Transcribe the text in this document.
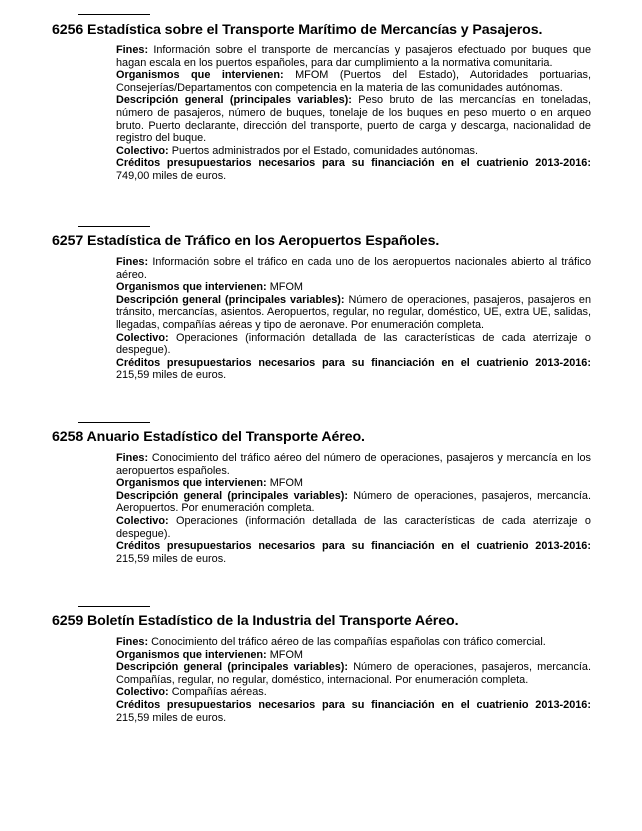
6256 Estadística sobre el Transporte Marítimo de Mercancías y Pasajeros.

Fines: Información sobre el transporte de mercancías y pasajeros efectuado por buques que hagan escala en los puertos españoles, para dar cumplimiento a la normativa comunitaria.

Organismos que intervienen: MFOM (Puertos del Estado), Autoridades portuarias, Consejerías/Departamentos con competencia en la materia de las comunidades autónomas.

Descripción general (principales variables): Peso bruto de las mercancías en toneladas, número de pasajeros, número de buques, tonelaje de los buques en peso muerto o en arqueo bruto. Puerto declarante, dirección del transporte, puerto de carga y descarga, nacionalidad de registro del buque.

Colectivo: Puertos administrados por el Estado, comunidades autónomas.

Créditos presupuestarios necesarios para su financiación en el cuatrienio 2013-2016: 749,00 miles de euros.

6257 Estadística de Tráfico en los Aeropuertos Españoles.

Fines: Información sobre el tráfico en cada uno de los aeropuertos nacionales abierto al tráfico aéreo.

Organismos que intervienen: MFOM

Descripción general (principales variables): Número de operaciones, pasajeros, pasajeros en tránsito, mercancías, asientos. Aeropuertos, regular, no regular, doméstico, UE, extra UE, salidas, llegadas, compañías aéreas y tipo de aeronave. Por enumeración completa.

Colectivo: Operaciones (información detallada de las características de cada aterrizaje o despegue).

Créditos presupuestarios necesarios para su financiación en el cuatrienio 2013-2016: 215,59 miles de euros.

6258 Anuario Estadístico del Transporte Aéreo.

Fines: Conocimiento del tráfico aéreo del número de operaciones, pasajeros y mercancía en los aeropuertos españoles.

Organismos que intervienen: MFOM

Descripción general (principales variables): Número de operaciones, pasajeros, mercancía. Aeropuertos. Por enumeración completa.

Colectivo: Operaciones (información detallada de las características de cada aterrizaje o despegue).

Créditos presupuestarios necesarios para su financiación en el cuatrienio 2013-2016: 215,59 miles de euros.

6259 Boletín Estadístico de la Industria del Transporte Aéreo.

Fines: Conocimiento del tráfico aéreo de las compañías españolas con tráfico comercial.

Organismos que intervienen: MFOM

Descripción general (principales variables): Número de operaciones, pasajeros, mercancía. Compañías, regular, no regular, doméstico, internacional. Por enumeración completa.

Colectivo: Compañías aéreas.

Créditos presupuestarios necesarios para su financiación en el cuatrienio 2013-2016: 215,59 miles de euros.
